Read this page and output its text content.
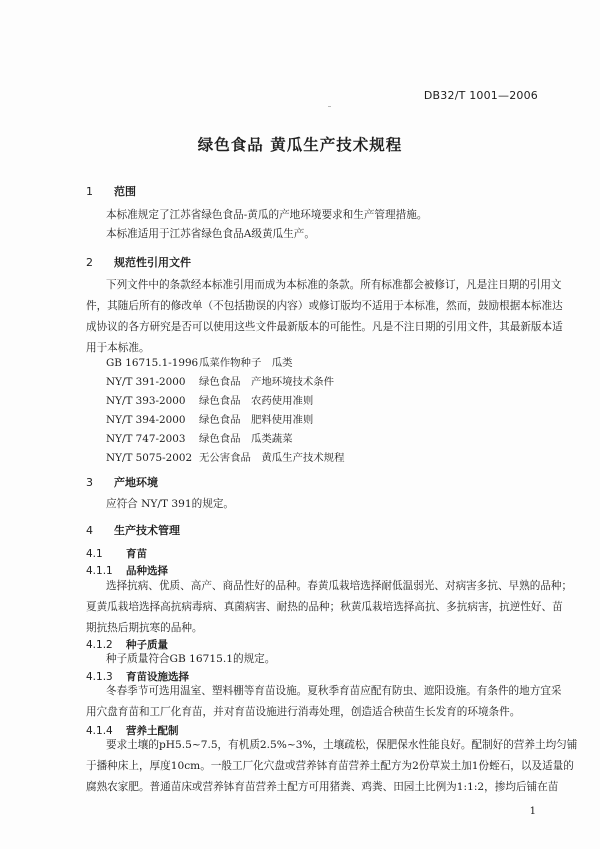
DB32/T 1001—2006
绿色食品 黄瓜生产技术规程
1 范围
本标准规定了江苏省绿色食品-黄瓜的产地环境要求和生产管理措施。
本标准适用于江苏省绿色食品A级黄瓜生产。
2 规范性引用文件
下列文件中的条款经本标准引用而成为本标准的条款。所有标准都会被修订，凡是注日期的引用文
件，其随后所有的修改单（不包括勘误的内容）或修订版均不适用于本标准，然而，鼓励根据本标准达
成协议的各方研究是否可以使用这些文件最新版本的可能性。凡是不注日期的引用文件，其最新版本适
用于本标准。
GB 16715.1-1996瓜菜作物种子　瓜类
NY/T 391-2000 绿色食品　产地环境技术条件
NY/T 393-2000 绿色食品　农药使用准则
NY/T 394-2000 绿色食品　肥料使用准则
NY/T 747-2003 绿色食品　瓜类蔬菜
NY/T 5075-2002 无公害食品　黄瓜生产技术规程
3 产地环境
应符合 NY/T 391的规定。
4 生产技术管理
4.1 育苗
4.1.1 品种选择
选择抗病、优质、高产、商品性好的品种。春黄瓜栽培选择耐低温弱光、对病害多抗、早熟的品种；
夏黄瓜栽培选择高抗病毒病、真菌病害、耐热的品种；秋黄瓜栽培选择高抗、多抗病害，抗逆性好、苗
期抗热后期抗寒的品种。
4.1.2 种子质量
种子质量符合GB 16715.1的规定。
4.1.3 育苗设施选择
冬春季节可选用温室、塑料棚等育苗设施。夏秋季育苗应配有防虫、遮阳设施。有条件的地方宜采
用穴盘育苗和工厂化育苗，并对育苗设施进行消毒处理，创造适合秧苗生长发育的环境条件。
4.1.4 营养土配制
要求土壤的pH5.5~7.5，有机质2.5%~3%，土壤疏松，保肥保水性能良好。配制好的营养土均匀铺
于播种床上，厚度10cm。一般工厂化穴盘或营养钵育苗营养土配方为2份草炭土加1份蛭石，以及适量的
腐熟农家肥。普通苗床或营养钵育苗营养土配方可用猪粪、鸡粪、田园土比例为1:1:2，掺均后铺在苗
1
